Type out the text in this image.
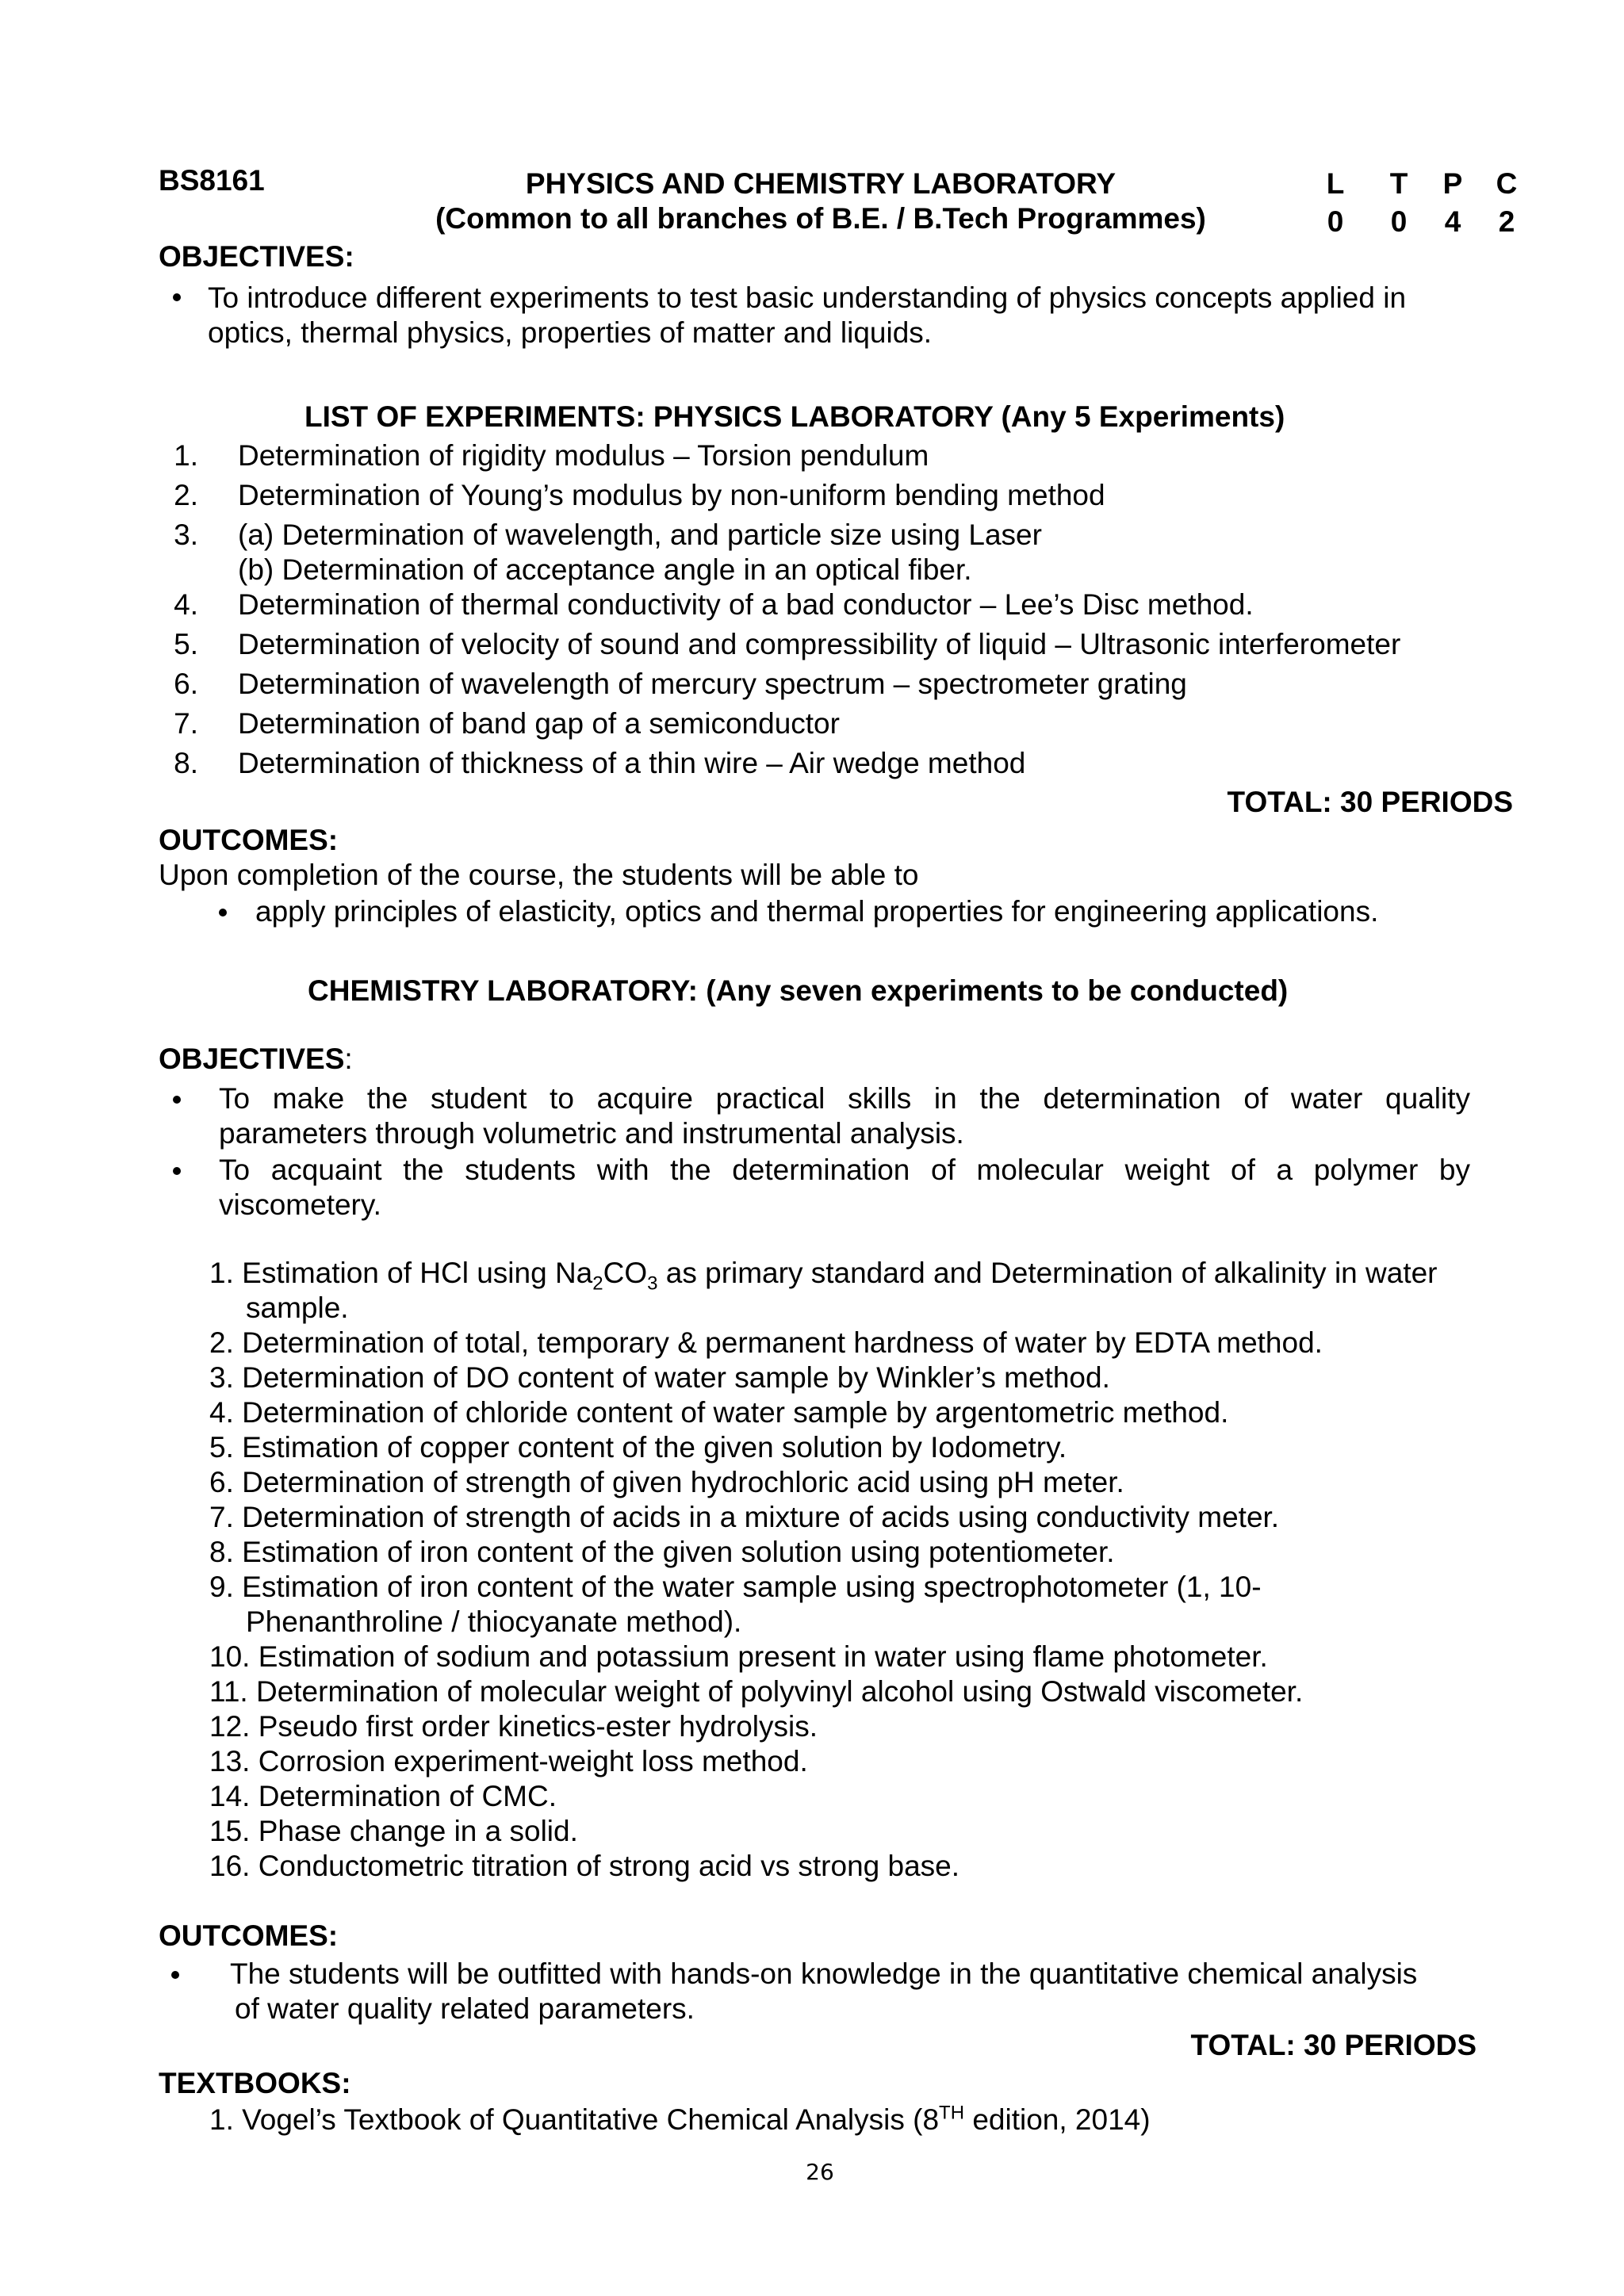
BS8161	PHYSICS AND CHEMISTRY LABORATORY
(Common to all branches of B.E. / B.Tech Programmes)
L T P C
0 0 4 2
OBJECTIVES:
To introduce different experiments to test basic understanding of physics concepts applied in
optics, thermal physics, properties of matter and liquids.
LIST OF EXPERIMENTS: PHYSICS LABORATORY (Any 5 Experiments)
1. Determination of rigidity modulus – Torsion pendulum
2. Determination of Young’s modulus by non-uniform bending method
3. (a) Determination of wavelength, and particle size using Laser
(b) Determination of acceptance angle in an optical fiber.
4. Determination of thermal conductivity of a bad conductor – Lee’s Disc method.
5. Determination of velocity of sound and compressibility of liquid – Ultrasonic interferometer
6. Determination of wavelength of mercury spectrum – spectrometer grating
7. Determination of band gap of a semiconductor
8. Determination of thickness of a thin wire – Air wedge method
TOTAL: 30 PERIODS
OUTCOMES:
Upon completion of the course, the students will be able to
apply principles of elasticity, optics and thermal properties for engineering applications.
CHEMISTRY LABORATORY: (Any seven experiments to be conducted)
OBJECTIVES:
To make the student to acquire practical skills in the determination of water quality
parameters through volumetric and instrumental analysis.
To acquaint the students with the determination of molecular weight of a polymer by
viscometery.
1. Estimation of HCl using $Na_2CO_3$ as primary standard and Determination of alkalinity in water
sample.
2. Determination of total, temporary & permanent hardness of water by EDTA method.
3. Determination of DO content of water sample by Winkler’s method.
4. Determination of chloride content of water sample by argentometric method.
5. Estimation of copper content of the given solution by Iodometry.
6. Determination of strength of given hydrochloric acid using pH meter.
7. Determination of strength of acids in a mixture of acids using conductivity meter.
8. Estimation of iron content of the given solution using potentiometer.
9. Estimation of iron content of the water sample using spectrophotometer (1, 10-
Phenanthroline / thiocyanate method).
10. Estimation of sodium and potassium present in water using flame photometer.
11. Determination of molecular weight of polyvinyl alcohol using Ostwald viscometer.
12. Pseudo first order kinetics-ester hydrolysis.
13. Corrosion experiment-weight loss method.
14. Determination of CMC.
15. Phase change in a solid.
16. Conductometric titration of strong acid vs strong base.
OUTCOMES:
The students will be outfitted with hands-on knowledge in the quantitative chemical analysis
of water quality related parameters.
TOTAL: 30 PERIODS
TEXTBOOKS:
1. Vogel’s Textbook of Quantitative Chemical Analysis (8TH edition, 2014)
26
